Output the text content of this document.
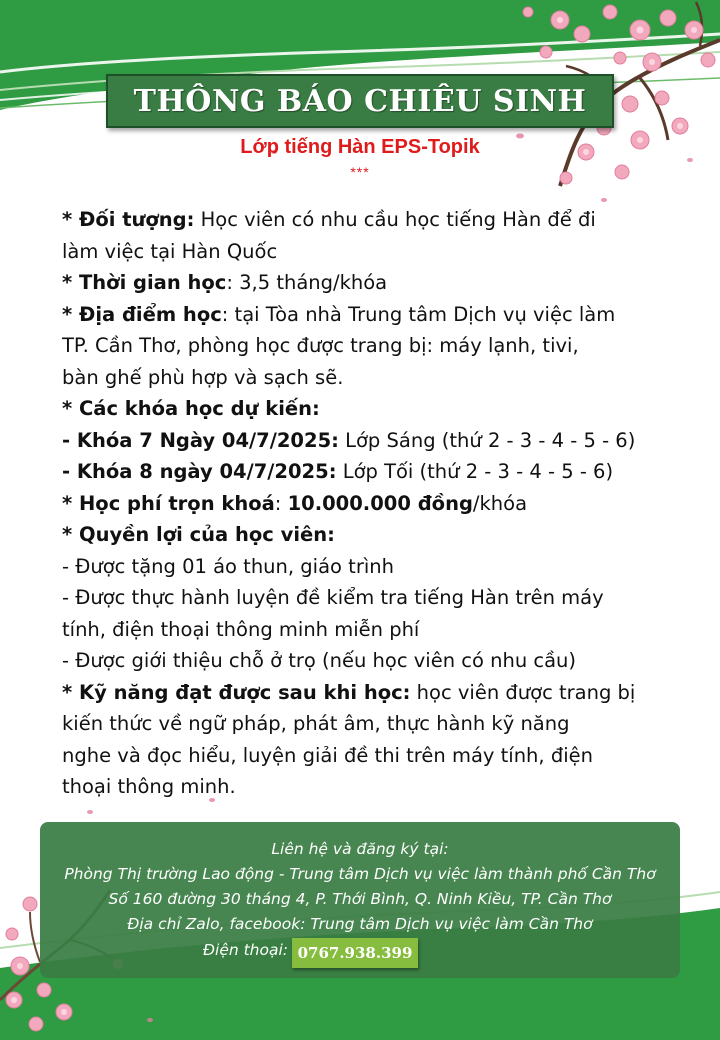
THÔNG BÁO CHIÊU SINH
Lớp tiếng Hàn EPS-Topik
***
* Đối tượng: Học viên có nhu cầu học tiếng Hàn để đi
làm việc tại Hàn Quốc
* Thời gian học: 3,5 tháng/khóa
* Địa điểm học: tại Tòa nhà Trung tâm Dịch vụ việc làm
TP. Cần Thơ, phòng học được trang bị: máy lạnh, tivi,
bàn ghế phù hợp và sạch sẽ.
* Các khóa học dự kiến:
- Khóa 7 Ngày 04/7/2025: Lớp Sáng (thứ 2 - 3 - 4 - 5 - 6)
- Khóa 8 ngày 04/7/2025: Lớp Tối (thứ 2 - 3 - 4 - 5 - 6)
* Học phí trọn khoá: 10.000.000 đồng/khóa
* Quyền lợi của học viên:
- Được tặng 01 áo thun, giáo trình
- Được thực hành luyện đề kiểm tra tiếng Hàn trên máy
tính, điện thoại thông minh miễn phí
- Được giới thiệu chỗ ở trọ (nếu học viên có nhu cầu)
* Kỹ năng đạt được sau khi học: học viên được trang bị
kiến thức về ngữ pháp, phát âm, thực hành kỹ năng
nghe và đọc hiểu, luyện giải đề thi trên máy tính, điện
thoại thông minh.
Liên hệ và đăng ký tại:
Phòng Thị trường Lao động - Trung tâm Dịch vụ việc làm thành phố Cần Thơ
Số 160 đường 30 tháng 4, P. Thới Bình, Q. Ninh Kiều, TP. Cần Thơ
Địa chỉ Zalo, facebook: Trung tâm Dịch vụ việc làm Cần Thơ
Điện thoại: 0767.938.399
